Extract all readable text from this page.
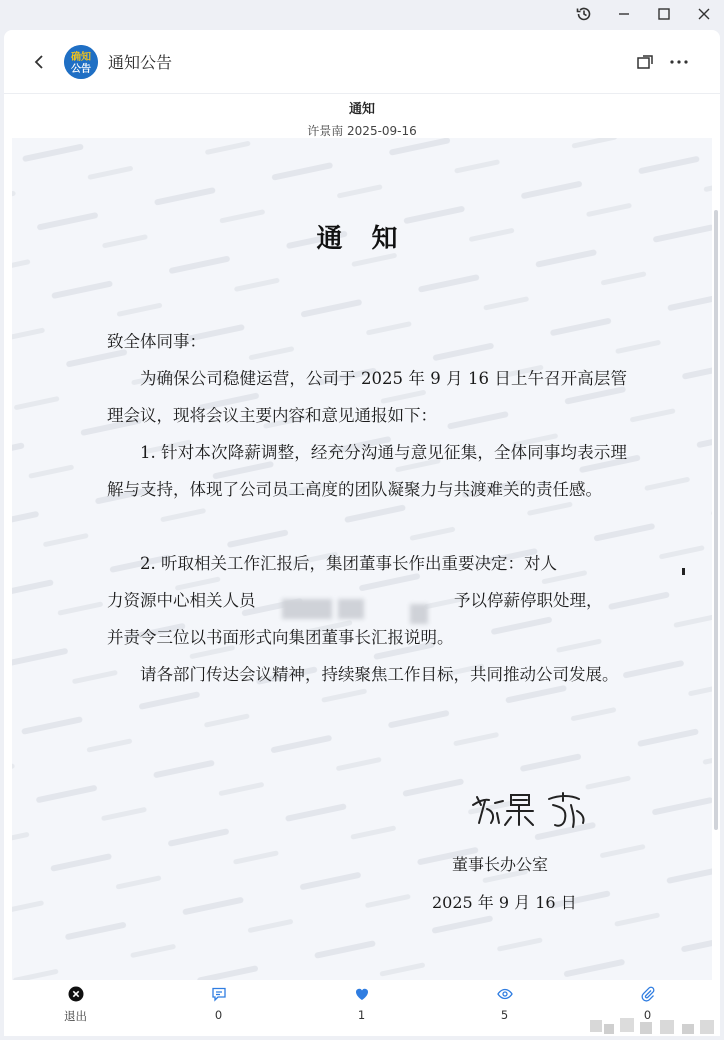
确知
公告 通知公告
通知
许景南 2025-09-16
通 知
致全体同事：
为确保公司稳健运营，公司于 2025 年 9 月 16 日上午召开高层管理会议，现将会议主要内容和意见通报如下：
1. 针对本次降薪调整，经充分沟通与意见征集，全体同事均表示理解与支持，体现了公司员工高度的团队凝聚力与共渡难关的责任感。
2. 听取相关工作汇报后，集团董事长作出重要决定：对人
力资源中心相关人员	予以停薪停职处理，
并责令三位以书面形式向集团董事长汇报说明。
请各部门传达会议精神，持续聚焦工作目标，共同推动公司发展。
董事长办公室
2025 年 9 月 16 日
退出	0	1	5	0
